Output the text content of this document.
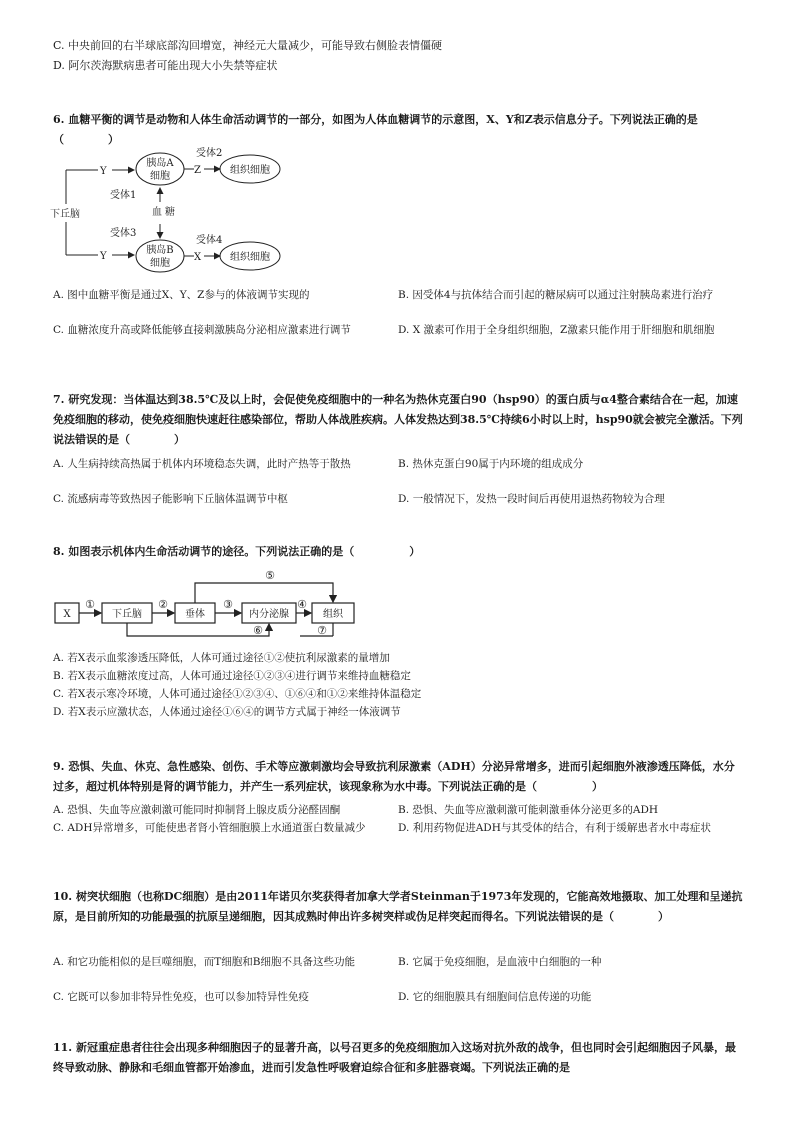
C. 中央前回的右半球底部沟回增宽，神经元大量减少，可能导致右侧脸表情僵硬
D. 阿尔茨海默病患者可能出现大小失禁等症状
6. 血糖平衡的调节是动物和人体生命活动调节的一部分，如图为人体血糖调节的示意图，X、Y和Z表示信息分子。下列说法正确的是（　　　　）
下丘脑
Y
Y
胰岛A
细胞
胰岛B
细胞
受体1
受体3
血 糖
Z
X
受体2
受体4
组织细胞
组织细胞
A. 图中血糖平衡是通过X、Y、Z参与的体液调节实现的	B. 因受体4与抗体结合而引起的糖尿病可以通过注射胰岛素进行治疗
C. 血糖浓度升高或降低能够直接刺激胰岛分泌相应激素进行调节	D. X 激素可作用于全身组织细胞，Z激素只能作用于肝细胞和肌细胞
7. 研究发现：当体温达到38.5℃及以上时，会促使免疫细胞中的一种名为热休克蛋白90（hsp90）的蛋白质与α4整合素结合在一起，加速免疫细胞的移动，使免疫细胞快速赶往感染部位，帮助人体战胜疾病。人体发热达到38.5℃持续6小时以上时，hsp90就会被完全激活。下列说法错误的是（　　　　）
A. 人生病持续高热属于机体内环境稳态失调，此时产热等于散热	B. 热休克蛋白90属于内环境的组成成分
C. 流感病毒等致热因子能影响下丘脑体温调节中枢	D. 一般情况下，发热一段时间后再使用退热药物较为合理
8. 如图表示机体内生命活动调节的途径。下列说法正确的是（　　　　　）
X	下丘脑	垂体	内分泌腺	组织
①	②	③	④
⑤
⑥	⑦
A. 若X表示血浆渗透压降低，人体可通过途径①②使抗利尿激素的量增加
B. 若X表示血糖浓度过高，人体可通过途径①②③④进行调节来维持血糖稳定
C. 若X表示寒冷环境，人体可通过途径①②③④、①⑥④和①②来维持体温稳定
D. 若X表示应激状态，人体通过途径①⑥④的调节方式属于神经一体液调节
9. 恐惧、失血、休克、急性感染、创伤、手术等应激刺激均会导致抗利尿激素（ADH）分泌异常增多，进而引起细胞外液渗透压降低，水分过多，超过机体特别是肾的调节能力，并产生一系列症状，该现象称为水中毒。下列说法正确的是（　　　　　）
A. 恐惧、失血等应激刺激可能同时抑制肾上腺皮质分泌醛固酮	B. 恐惧、失血等应激刺激可能刺激垂体分泌更多的ADH
C. ADH异常增多，可能使患者肾小管细胞膜上水通道蛋白数量减少	D. 利用药物促进ADH与其受体的结合，有利于缓解患者水中毒症状
10. 树突状细胞（也称DC细胞）是由2011年诺贝尔奖获得者加拿大学者Steinman于1973年发现的，它能高效地摄取、加工处理和呈递抗原，是目前所知的功能最强的抗原呈递细胞，因其成熟时伸出许多树突样或伪足样突起而得名。下列说法错误的是（　　　　）
A. 和它功能相似的是巨噬细胞，而T细胞和B细胞不具备这些功能	B. 它属于免疫细胞，是血液中白细胞的一种
C. 它既可以参加非特异性免疫，也可以参加特异性免疫	D. 它的细胞膜具有细胞间信息传递的功能
11. 新冠重症患者往往会出现多种细胞因子的显著升高，以号召更多的免疫细胞加入这场对抗外敌的战争，但也同时会引起细胞因子风暴，最终导致动脉、静脉和毛细血管都开始渗血，进而引发急性呼吸窘迫综合征和多脏器衰竭。下列说法正确的是
